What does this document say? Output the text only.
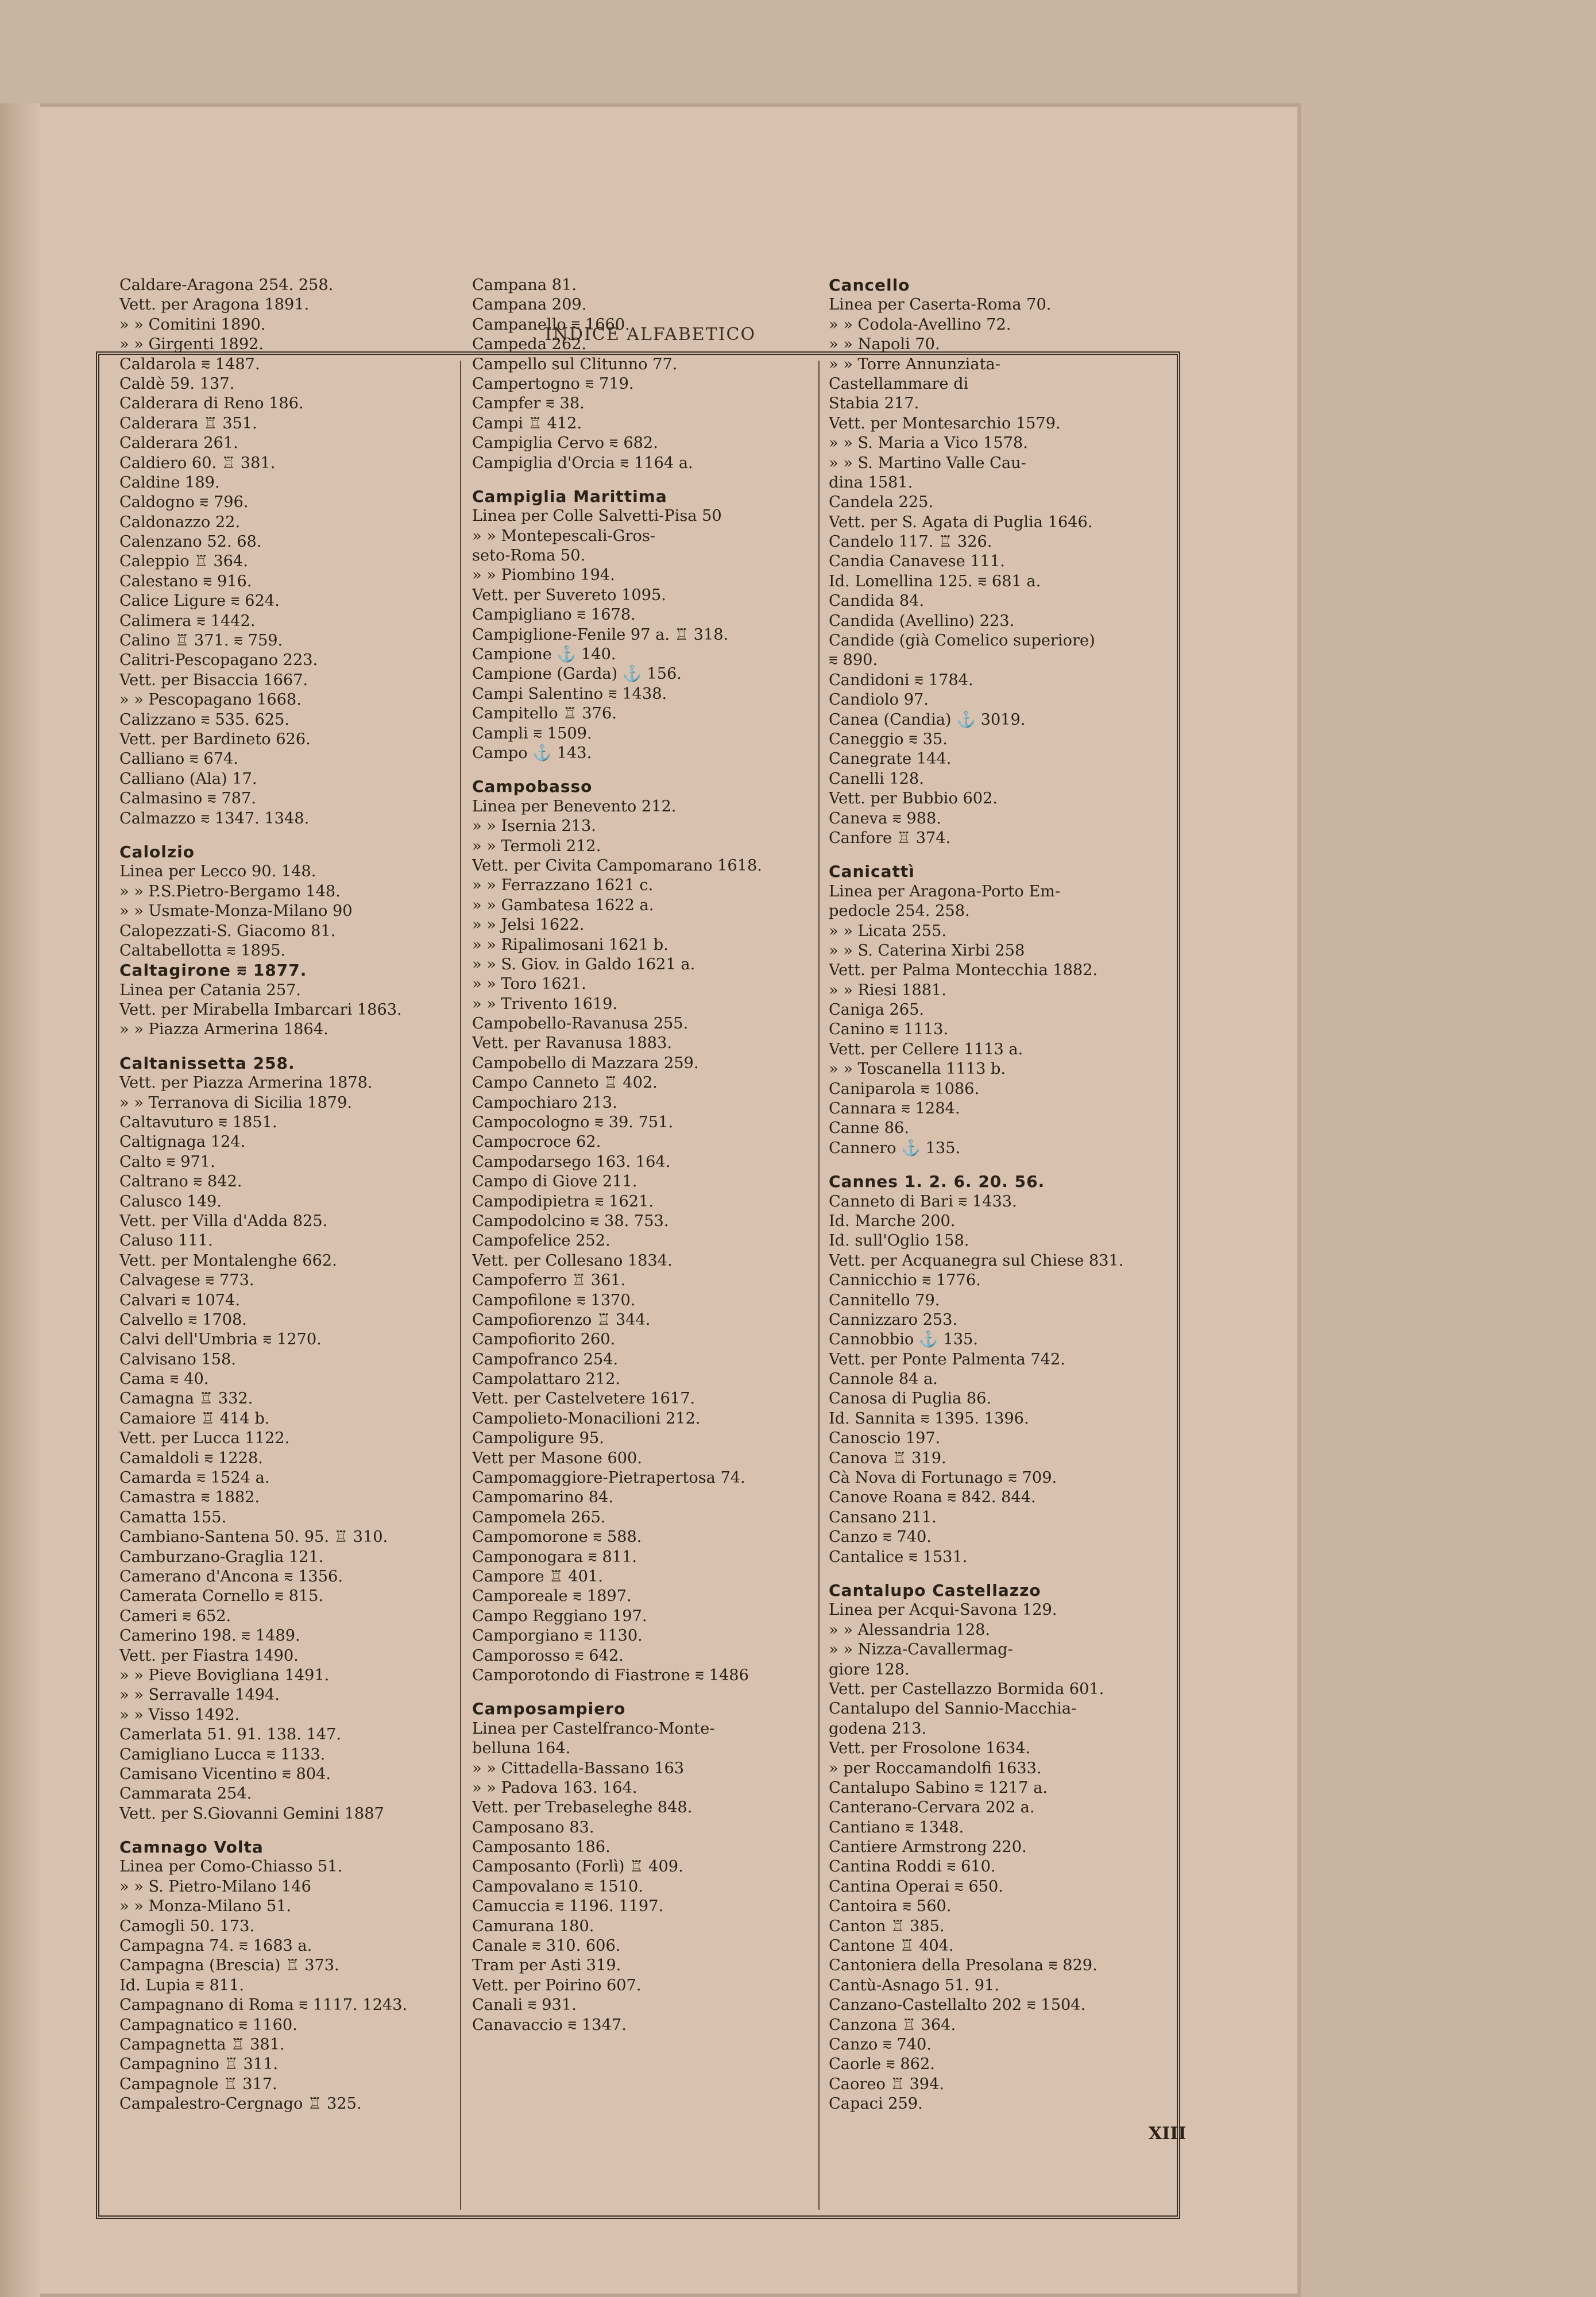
INDICE ALFABETICO
Caldare-Aragona 254. 258.
Vett. per Aragona 1891.
» » Comitini 1890.
» » Girgenti 1892.
Caldarola ⩳ 1487.
Caldè 59. 137.
Calderara di Reno 186.
Calderara ♖ 351.
Calderara 261.
Caldiero 60. ♖ 381.
Caldine 189.
Caldogno ⩳ 796.
Caldonazzo 22.
Calenzano 52. 68.
Caleppio ♖ 364.
Calestano ⩳ 916.
Calice Ligure ⩳ 624.
Calimera ⩳ 1442.
Calino ♖ 371. ⩳ 759.
Calitri-Pescopagano 223.
Vett. per Bisaccia 1667.
» » Pescopagano 1668.
Calizzano ⩳ 535. 625.
Vett. per Bardineto 626.
Calliano ⩳ 674.
Calliano (Ala) 17.
Calmasino ⩳ 787.
Calmazzo ⩳ 1347. 1348.
Calolzio
Linea per Lecco 90. 148.
» » P.S.Pietro-Bergamo 148.
» » Usmate-Monza-Milano 90
Calopezzati-S. Giacomo 81.
Caltabellotta ⩳ 1895.
Caltagirone ⩳ 1877.
Linea per Catania 257.
Vett. per Mirabella Imbarcari 1863.
» » Piazza Armerina 1864.
Caltanissetta 258.
Vett. per Piazza Armerina 1878.
» » Terranova di Sicilia 1879.
Caltavuturo ⩳ 1851.
Caltignaga 124.
Calto ⩳ 971.
Caltrano ⩳ 842.
Calusco 149.
Vett. per Villa d'Adda 825.
Caluso 111.
Vett. per Montalenghe 662.
Calvagese ⩳ 773.
Calvari ⩳ 1074.
Calvello ⩳ 1708.
Calvi dell'Umbria ⩳ 1270.
Calvisano 158.
Cama ⩳ 40.
Camagna ♖ 332.
Camaiore ♖ 414 b.
Vett. per Lucca 1122.
Camaldoli ⩳ 1228.
Camarda ⩳ 1524 a.
Camastra ⩳ 1882.
Camatta 155.
Cambiano-Santena 50. 95. ♖ 310.
Camburzano-Graglia 121.
Camerano d'Ancona ⩳ 1356.
Camerata Cornello ⩳ 815.
Cameri ⩳ 652.
Camerino 198. ⩳ 1489.
Vett. per Fiastra 1490.
» » Pieve Bovigliana 1491.
» » Serravalle 1494.
» » Visso 1492.
Camerlata 51. 91. 138. 147.
Camigliano Lucca ⩳ 1133.
Camisano Vicentino ⩳ 804.
Cammarata 254.
Vett. per S.Giovanni Gemini 1887
Camnago Volta
Linea per Como-Chiasso 51.
» » S. Pietro-Milano 146
» » Monza-Milano 51.
Camogli 50. 173.
Campagna 74. ⩳ 1683 a.
Campagna (Brescia) ♖ 373.
Id. Lupia ⩳ 811.
Campagnano di Roma ⩳ 1117. 1243.
Campagnatico ⩳ 1160.
Campagnetta ♖ 381.
Campagnino ♖ 311.
Campagnole ♖ 317.
Campalestro-Cergnago ♖ 325.
Campana 81.
Campana 209.
Campanello ⩳ 1660.
Campeda 262.
Campello sul Clitunno 77.
Campertogno ⩳ 719.
Campfer ⩳ 38.
Campi ♖ 412.
Campiglia Cervo ⩳ 682.
Campiglia d'Orcia ⩳ 1164 a.
Campiglia Marittima
Linea per Colle Salvetti-Pisa 50
» » Montepescali-Gros-
seto-Roma 50.
» » Piombino 194.
Vett. per Suvereto 1095.
Campigliano ⩳ 1678.
Campiglione-Fenile 97 a. ♖ 318.
Campione ⚓ 140.
Campione (Garda) ⚓ 156.
Campi Salentino ⩳ 1438.
Campitello ♖ 376.
Campli ⩳ 1509.
Campo ⚓ 143.
Campobasso
Linea per Benevento 212.
» » Isernia 213.
» » Termoli 212.
Vett. per Civita Campomarano 1618.
» » Ferrazzano 1621 c.
» » Gambatesa 1622 a.
» » Jelsi 1622.
» » Ripalimosani 1621 b.
» » S. Giov. in Galdo 1621 a.
» » Toro 1621.
» » Trivento 1619.
Campobello-Ravanusa 255.
Vett. per Ravanusa 1883.
Campobello di Mazzara 259.
Campo Canneto ♖ 402.
Campochiaro 213.
Campocologno ⩳ 39. 751.
Campocroce 62.
Campodarsego 163. 164.
Campo di Giove 211.
Campodipietra ⩳ 1621.
Campodolcino ⩳ 38. 753.
Campofelice 252.
Vett. per Collesano 1834.
Campoferro ♖ 361.
Campofilone ⩳ 1370.
Campofiorenzo ♖ 344.
Campofiorito 260.
Campofranco 254.
Campolattaro 212.
Vett. per Castelvetere 1617.
Campolieto-Monacilioni 212.
Campoligure 95.
Vett per Masone 600.
Campomaggiore-Pietrapertosa 74.
Campomarino 84.
Campomela 265.
Campomorone ⩳ 588.
Camponogara ⩳ 811.
Campore ♖ 401.
Camporeale ⩳ 1897.
Campo Reggiano 197.
Camporgiano ⩳ 1130.
Camporosso ⩳ 642.
Camporotondo di Fiastrone ⩳ 1486
Camposampiero
Linea per Castelfranco-Monte-
belluna 164.
» » Cittadella-Bassano 163
» » Padova 163. 164.
Vett. per Trebaseleghe 848.
Camposano 83.
Camposanto 186.
Camposanto (Forlì) ♖ 409.
Campovalano ⩳ 1510.
Camuccia ⩳ 1196. 1197.
Camurana 180.
Canale ⩳ 310. 606.
Tram per Asti 319.
Vett. per Poirino 607.
Canali ⩳ 931.
Canavaccio ⩳ 1347.
Cancello
Linea per Caserta-Roma 70.
» » Codola-Avellino 72.
» » Napoli 70.
» » Torre Annunziata-
Castellammare di
Stabia 217.
Vett. per Montesarchio 1579.
» » S. Maria a Vico 1578.
» » S. Martino Valle Cau-
dina 1581.
Candela 225.
Vett. per S. Agata di Puglia 1646.
Candelo 117. ♖ 326.
Candia Canavese 111.
Id. Lomellina 125. ⩳ 681 a.
Candida 84.
Candida (Avellino) 223.
Candide (già Comelico superiore)
⩳ 890.
Candidoni ⩳ 1784.
Candiolo 97.
Canea (Candia) ⚓ 3019.
Caneggio ⩳ 35.
Canegrate 144.
Canelli 128.
Vett. per Bubbio 602.
Caneva ⩳ 988.
Canfore ♖ 374.
Canicattì
Linea per Aragona-Porto Em-
pedocle 254. 258.
» » Licata 255.
» » S. Caterina Xirbi 258
Vett. per Palma Montecchia 1882.
» » Riesi 1881.
Caniga 265.
Canino ⩳ 1113.
Vett. per Cellere 1113 a.
» » Toscanella 1113 b.
Caniparola ⩳ 1086.
Cannara ⩳ 1284.
Canne 86.
Cannero ⚓ 135.
Cannes 1. 2. 6. 20. 56.
Canneto di Bari ⩳ 1433.
Id. Marche 200.
Id. sull'Oglio 158.
Vett. per Acquanegra sul Chiese 831.
Cannicchio ⩳ 1776.
Cannitello 79.
Cannizzaro 253.
Cannobbio ⚓ 135.
Vett. per Ponte Palmenta 742.
Cannole 84 a.
Canosa di Puglia 86.
Id. Sannita ⩳ 1395. 1396.
Canoscio 197.
Canova ♖ 319.
Cà Nova di Fortunago ⩳ 709.
Canove Roana ⩳ 842. 844.
Cansano 211.
Canzo ⩳ 740.
Cantalice ⩳ 1531.
Cantalupo Castellazzo
Linea per Acqui-Savona 129.
» » Alessandria 128.
» » Nizza-Cavallermag-
giore 128.
Vett. per Castellazzo Bormida 601.
Cantalupo del Sannio-Macchia-
godena 213.
Vett. per Frosolone 1634.
» per Roccamandolfi 1633.
Cantalupo Sabino ⩳ 1217 a.
Canterano-Cervara 202 a.
Cantiano ⩳ 1348.
Cantiere Armstrong 220.
Cantina Roddi ⩳ 610.
Cantina Operai ⩳ 650.
Cantoira ⩳ 560.
Canton ♖ 385.
Cantone ♖ 404.
Cantoniera della Presolana ⩳ 829.
Cantù-Asnago 51. 91.
Canzano-Castellalto 202 ⩳ 1504.
Canzona ♖ 364.
Canzo ⩳ 740.
Caorle ⩳ 862.
Caoreo ♖ 394.
Capaci 259.
XIII
